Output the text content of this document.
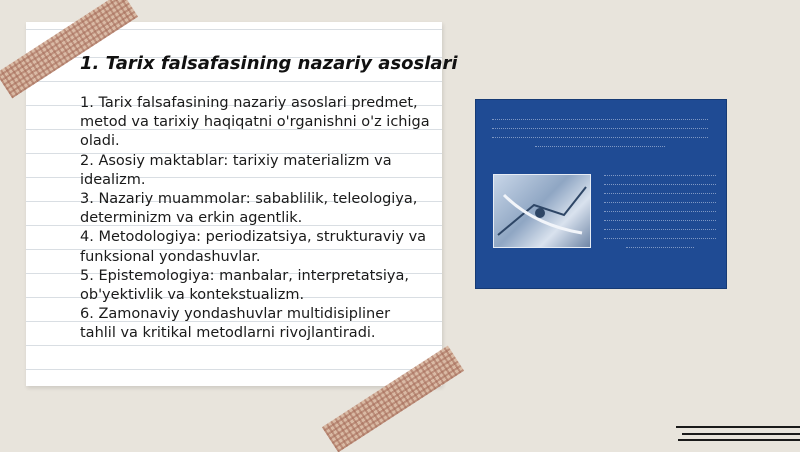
1. Tarix falsafasining nazariy asoslari
1. Tarix falsafasining nazariy asoslari predmet, metod va tarixiy haqiqatni o'rganishni o'z ichiga oladi.
2. Asosiy maktablar: tarixiy materializm va idealizm.
3. Nazariy muammolar: sabablilik, teleologiya, determinizm va erkin agentlik.
4. Metodologiya: periodizatsiya, strukturaviy va funksional yondashuvlar.
5. Epistemologiya: manbalar, interpretatsiya, ob'yektivlik va kontekstualizm.
6. Zamonaviy yondashuvlar multidisipliner tahlil va kritikal metodlarni rivojlantiradi.
